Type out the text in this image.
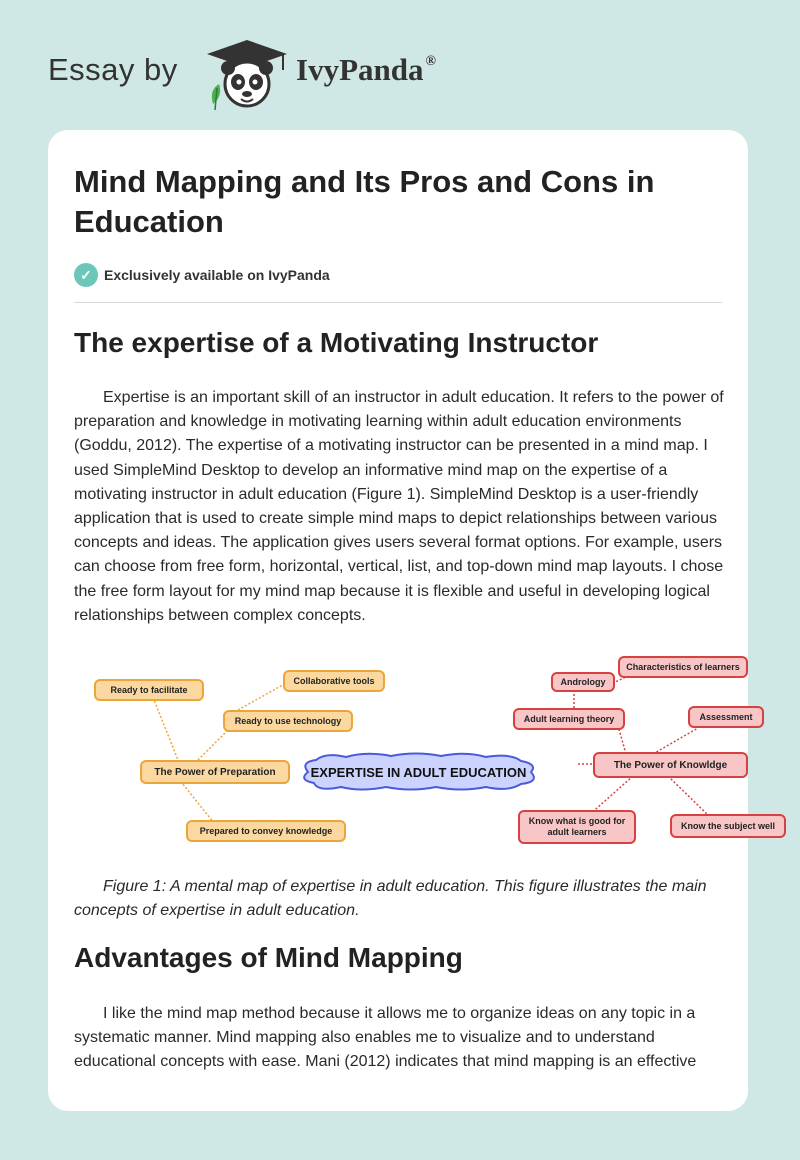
Essay by	IvyPanda ®
Mind Mapping and Its Pros and Cons in Education
✓ Exclusively available on IvyPanda
The expertise of a Motivating Instructor

Expertise is an important skill of an instructor in adult education. It refers to the power of preparation and knowledge in motivating learning within adult education environments (Goddu, 2012). The expertise of a motivating instructor can be presented in a mind map. I used SimpleMind Desktop to develop an informative mind map on the expertise of a motivating instructor in adult education (Figure 1). SimpleMind Desktop is a user-friendly application that is used to create simple mind maps to depict relationships between various concepts and ideas. The application gives users several format options. For example, users can choose from free form, horizontal, vertical, list, and top-down mind map layouts. I chose the free form layout for my mind map because it is flexible and useful in developing logical relationships between complex concepts.

Ready to facilitate
Collaborative tools
Ready to use technology
The Power of Preparation
Prepared to convey knowledge
EXPERTISE IN ADULT EDUCATION
Characteristics of learners
Andrology
Adult learning theory	Assessment
The Power of Knowldge
Know what is good for adult learners
Know the subject well

Figure 1: A mental map of expertise in adult education. This figure illustrates the main concepts of expertise in adult education.

Advantages of Mind Mapping

I like the mind map method because it allows me to organize ideas on any topic in a systematic manner. Mind mapping also enables me to visualize and to understand educational concepts with ease. Mani (2012) indicates that mind mapping is an effective
